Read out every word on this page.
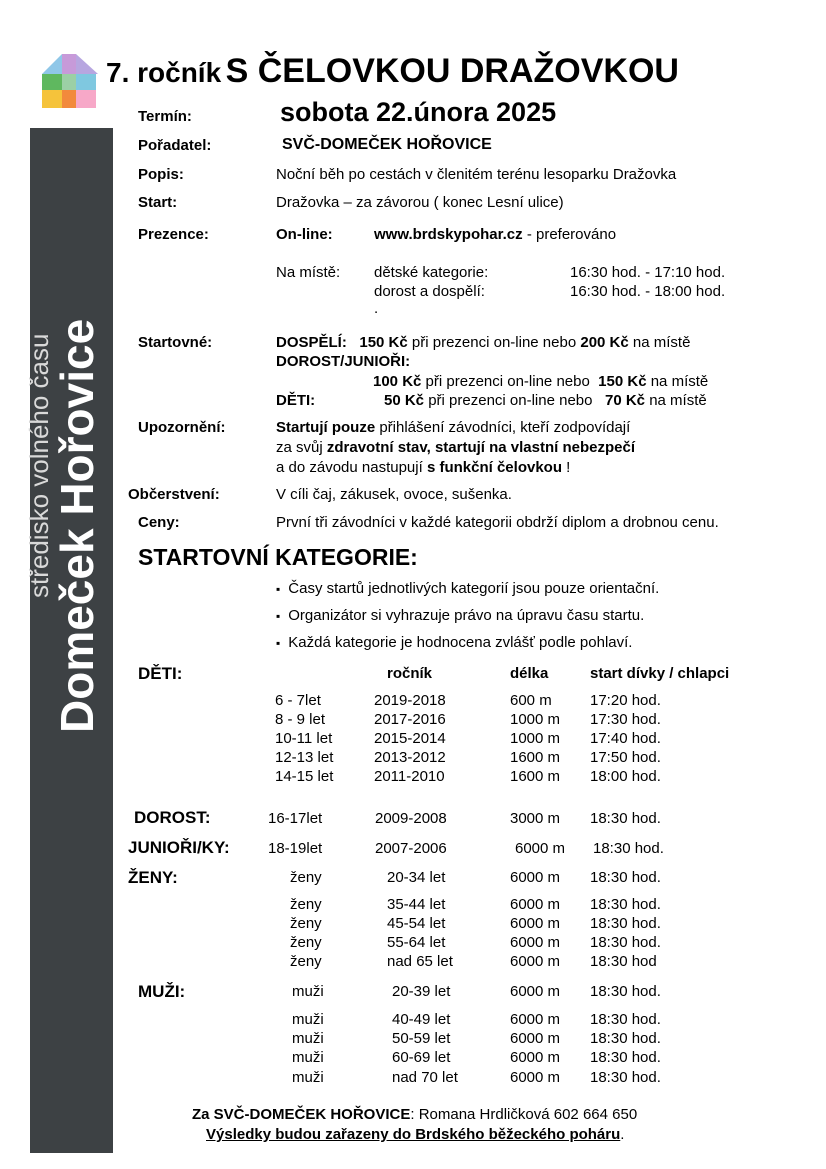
středisko volného času
Domeček Hořovice
7. ročník S ČELOVKOU DRAŽOVKOU
Termín:	sobota 22.února 2025
Pořadatel:	SVČ-DOMEČEK HOŘOVICE
Popis:	Noční běh po cestách v členitém terénu lesoparku Dražovka
Start:	Dražovka – za závorou ( konec Lesní ulice)
Prezence:	On-line:	www.brdskypohar.cz - preferováno
Na místě: dětské kategorie:	16:30 hod. - 17:10 hod.
dorost a dospělí:	16:30 hod. - 18:00 hod.
.
Startovné:	DOSPĚLÍ: 150 Kč při prezenci on-line nebo 200 Kč na místě
DOROST/JUNIOŘI:
100 Kč při prezenci on-line nebo 150 Kč na místě
DĚTI:	50 Kč při prezenci on-line nebo 70 Kč na místě
Upozornění:	Startují pouze přihlášení závodníci, kteří zodpovídají
za svůj zdravotní stav, startují na vlastní nebezpečí
a do závodu nastupují s funkční čelovkou !
Občerstvení:	V cíli čaj, zákusek, ovoce, sušenka.
Ceny:	První tři závodníci v každé kategorii obdrží diplom a drobnou cenu.
STARTOVNÍ KATEGORIE:
▪ Časy startů jednotlivých kategorií jsou pouze orientační.
▪ Organizátor si vyhrazuje právo na úpravu času startu.
▪ Každá kategorie je hodnocena zvlášť podle pohlaví.
DĚTI:	ročník	délka	start dívky / chlapci
6 - 7let	2019-2018	600 m	17:20 hod.
8 - 9 let	2017-2016	1000 m 17:30 hod.
10-11 let	2015-2014	1000 m 17:40 hod.
12-13 let	2013-2012	1600 m 17:50 hod.
14-15 let	2011-2010	1600 m 18:00 hod.
DOROST:	16-17let	2009-2008	3000 m 18:30 hod.
JUNIOŘI/KY:	18-19let	2007-2006	6000 m 18:30 hod.
ŽENY:	ženy	20-34 let	6000 m 18:30 hod.
ženy	35-44 let	6000 m 18:30 hod.
ženy	45-54 let	6000 m 18:30 hod.
ženy	55-64 let	6000 m 18:30 hod.
ženy	nad 65 let	6000 m 18:30 hod
MUŽI:	muži	20-39 let	6000 m 18:30 hod.
muži	40-49 let	6000 m 18:30 hod.
muži	50-59 let	6000 m 18:30 hod.
muži	60-69 let	6000 m 18:30 hod.
muži	nad 70 let	6000 m 18:30 hod.
Za SVČ-DOMEČEK HOŘOVICE: Romana Hrdličková 602 664 650
Výsledky budou zařazeny do Brdského běžeckého poháru.
